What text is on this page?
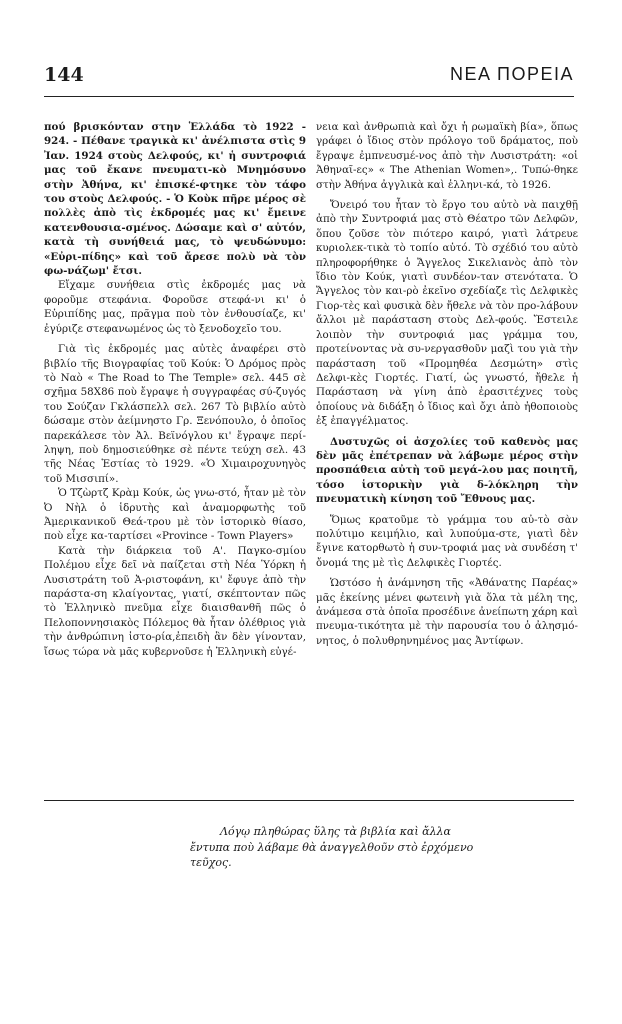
144	ΝΕΑ ΠΟΡΕΙΑ

πού βρισκόνταν στην Ἑλλάδα τὸ 1922 - 924. - Πέθανε τραγικὰ κι' ἀνέλπιστα στὶς 9 Ἰαν. 1924 στοὺς Δελφούς, κι' ἡ συντροφιά μας τοῦ ἔκανε πνευματι-κὸ Μνημόσυνο στὴν Ἀθήνα, κι' ἐπισκέ-φτηκε τὸν τάφο του στοὺς Δελφούς. - Ὁ Κοὺκ πῆρε μέρος σὲ πολλὲς ἀπὸ τὶς ἐκδρομές μας κι' ἔμεινε κατενθουσια-σμένος. Δώσαμε καὶ σ' αὐτόν, κατὰ τὴ συνήθειά μας, τὸ ψευδώνυμο: «Εὐρι-πίδης» καὶ τοῦ ἄρεσε πολὺ νὰ τὸν φω-νάζωμ' ἔτσι.

Εἴχαμε συνήθεια στὶς ἐκδρομές μας νὰ φοροῦμε στεφάνια. Φοροῦσε στεφά-νι κι' ὁ Εὐριπίδης μας, πρᾶγμα ποὺ τὸν ἐνθουσίαζε, κι' ἐγύριζε στεφανωμένος ὡς τὸ ξενοδοχεῖο του.

Γιὰ τὶς ἐκδρομές μας αὐτὲς ἀναφέρει στὸ βιβλίο τῆς Βιογραφίας τοῦ Κούκ: Ὁ Δρόμος πρὸς τὸ Ναὸ « The Road to The Temple» σελ. 445 σὲ σχῆμα 58Χ86 ποὺ ἔγραψε ἡ συγγραφέας σύ-ζυγός του Σούζαν Γκλάσπελλ σελ. 267 Τὸ βιβλίο αὐτὸ δώσαμε στὸν ἀείμνηστο Γρ. Ξενόπουλο, ὁ ὁποῖος παρεκάλεσε τὸν Ἀλ. Βεϊνόγλου κι' ἔγραψε περί-ληψη, ποὺ δημοσιεύθηκε σὲ πέντε τεύχη σελ. 43 τῆς Νέας Ἑστίας τὸ 1929. «Ὁ Χιμαιροχυνηγὸς τοῦ Μισσιπί».

Ὁ Τζὼρτζ Κρὰμ Κούκ, ὡς γνω-στό, ἦταν μὲ τὸν Ὀ Νὴλ ὁ ἱδρυτὴς καὶ ἀναμορφωτὴς τοῦ Ἀμερικανικοῦ Θεά-τρου μὲ τὸν ἱστορικὸ θίασο, ποὺ εἶχε κα-ταρτίσει «Province - Town Players»

Κατὰ τὴν διάρκεια τοῦ Α'. Παγκο-σμίου Πολέμου εἶχε δεῖ νὰ παίζεται στὴ Νέα Ὑόρκη ἡ Λυσιστράτη τοῦ Ἀ-ριστοφάνη, κι' ἔφυγε ἀπὸ τὴν παράστα-ση κλαίγοντας, γιατί, σκέπτονταν πῶς τὸ Ἑλληνικὸ πνεῦμα εἶχε διαισθανθῆ πῶς ὁ Πελοποννησιακὸς Πόλεμος θὰ ἦταν ὀλέθριος γιὰ τὴν ἀνθρώπινη ἱστο-ρία,ἐπειδὴ ἂν δὲν γίνονταν, ἴσως τώρα νὰ μᾶς κυβερνοῦσε ἡ Ἑλληνικὴ εὐγέ-

νεια καὶ ἀνθρωπιὰ καὶ ὄχι ἡ ρωμαϊκὴ βία», ὅπως γράφει ὁ ἴδιος στὸν πρόλογο τοῦ δράματος, ποὺ ἔγραψε ἐμπνευσμέ-νος ἀπὸ τὴν Λυσιστράτη: «οἱ Ἀθηναῖ-ες» « The Athenian Women»,. Τυπώ-θηκε στὴν Ἀθήνα ἀγγλικὰ καὶ ἑλληνι-κά, τὸ 1926.

Ὄνειρό του ἦταν τὸ ἔργο του αὐτὸ νὰ παιχθῇ ἀπὸ τὴν Συντροφιά μας στὸ Θέατρο τῶν Δελφῶν, ὅπου ζοῦσε τὸν πιότερο καιρό, γιατὶ λάτρευε κυριολεκ-τικὰ τὸ τοπίο αὐτό. Τὸ σχέδιό του αὐτὸ πληροφορήθηκε ὁ Ἄγγελος Σικελιανὸς ἀπὸ τὸν ἴδιο τὸν Κούκ, γιατὶ συνδέον-ταν στενότατα. Ὁ Ἄγγελος τὸν και-ρὸ ἐκεῖνο σχεδίαζε τὶς Δελφικὲς Γιορ-τὲς καὶ φυσικὰ δὲν ἤθελε νὰ τὸν προ-λάβουν ἄλλοι μὲ παράσταση στοὺς Δελ-φούς. Ἔστειλε λοιπὸν τὴν συντροφιά μας γράμμα του, προτείνοντας νὰ συ-νεργασθοῦν μαζὶ του γιὰ τὴν παράσταση τοῦ «Προμηθέα Δεσμώτη» στὶς Δελφι-κὲς Γιορτές. Γιατί, ὡς γνωστό, ἤθελε ἡ Παράσταση νὰ γίνη ἀπὸ ἐρασιτέχνες τοὺς ὁποίους νὰ διδάξη ὁ ἴδιος καὶ ὄχι ἀπὸ ἠθοποιοὺς ἐξ ἐπαγγέλματος.

Δυστυχῶς οἱ ἀσχολίες τοῦ καθενὸς μας δὲν μᾶς ἐπέτρεπαν νὰ λάβωμε μέρος στὴν προσπάθεια αὐτὴ τοῦ μεγά-λου μας ποιητῆ, τόσο ἱστορικὴν γιὰ δ-λόκληρη τὴν πνευματικὴ κίνηση τοῦ Ἔθνους μας.

Ὅμως κρατοῦμε τὸ γράμμα του αὐ-τὸ σὰν πολύτιμο κειμήλιο, καὶ λυπούμα-στε, γιατὶ δὲν ἔγινε κατορθωτὸ ἡ συν-τροφιά μας νὰ συνδέση τ' ὄνομά της μὲ τὶς Δελφικὲς Γιορτές.

Ὡστόσο ἡ ἀνάμνηση τῆς «Ἀθάνατης Παρέας» μᾶς ἐκείνης μένει φωτεινὴ γιὰ ὅλα τὰ μέλη της, ἀνάμεσα στὰ ὁποῖα προσέδινε ἀνείπωτη χάρη καὶ πνευμα-τικότητα μὲ τὴν παρουσία του ὁ ἀλησμό-νητος, ὁ πολυθρηνημένος μας Ἀντίφων.

Λόγῳ πληθώρας ὕλης τὰ βιβλία καὶ ἄλλα ἔντυπα ποὺ λάβαμε θὰ ἀναγγελθοῦν στὸ ἐρχόμενο τεῦχος.
